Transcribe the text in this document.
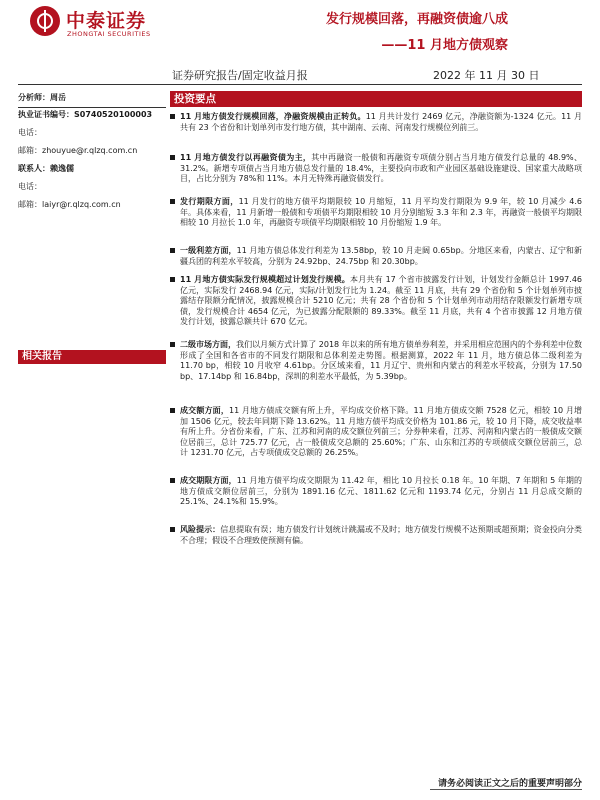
中泰证券
ZHONGTAI SECURITIES
发行规模回落，再融资债逾八成
——11 月地方债观察
证券研究报告/固定收益月报	2022 年 11 月 30 日
分析师：周岳
执业证书编号：S0740520100003
电话：
邮箱：zhouyue@r.qlzq.com.cn
联系人：赖逸儒
电话：
邮箱：laiyr@r.qlzq.com.cn
相关报告
投资要点
11 月地方债发行规模回落，净融资规模由正转负。11 月共计发行 2469 亿元，净融资额为-1324 亿元。11 月共有 23 个省份和计划单列市发行地方债，其中湖南、云南、河南发行规模位列前三。
11 月地方债发行以再融资债为主，其中再融资一般债和再融资专项债分别占当月地方债发行总量的 48.9%、31.2%。新增专项债占当月地方债总发行量的 18.4%，主要投向市政和产业园区基础设施建设、国家重大战略项目，占比分别为 78%和 11%。本月无特殊再融资债发行。
发行期限方面，11 月发行的地方债平均期限较 10 月缩短，11 月平均发行期限为 9.9 年，较 10 月减少 4.6 年。具体来看，11 月新增一般债和专项债平均期限相较 10 月分别缩短 3.3 年和 2.3 年，再融资一般债平均期限相较 10 月拉长 1.0 年，再融资专项债平均期限相较 10 月份缩短 1.9 年。
一级利差方面，11 月地方债总体发行利差为 13.58bp，较 10 月走阔 0.65bp。分地区来看，内蒙古、辽宁和新疆兵团的利差水平较高，分别为 24.92bp、24.75bp 和 20.30bp。
11 月地方债实际发行规模超过计划发行规模。本月共有 17 个省市披露发行计划，计划发行金额总计 1997.46 亿元，实际发行 2468.94 亿元，实际/计划发行比为 1.24。截至 11 月底，共有 29 个省份和 5 个计划单列市披露结存限额分配情况，披露规模合计 5210 亿元；共有 28 个省份和 5 个计划单列市动用结存限额发行新增专项债，发行规模合计 4654 亿元，为已披露分配限额的 89.33%。截至 11 月底，共有 4 个省市披露 12 月地方债发行计划，披露总额共计 670 亿元。
二级市场方面，我们以月频方式计算了 2018 年以来的所有地方债单券利差，并采用相应范围内的个券利差中位数形成了全国和各省市的不同发行期限和总体利差走势图。根据测算，2022 年 11 月，地方债总体二级利差为 11.70 bp，相较 10 月收窄 4.61bp。分区域来看，11 月辽宁、贵州和内蒙古的利差水平较高，分别为 17.50 bp、17.14bp 和 16.84bp，深圳的利差水平最低，为 5.39bp。
成交额方面，11 月地方债成交额有所上升，平均成交价格下降。11 月地方债成交额 7528 亿元，相较 10 月增加 1506 亿元，较去年同期下降 13.62%。11 月地方债平均成交价格为 101.86 元，较 10 月下降，成交收益率有所上升。分省份来看，广东、江苏和河南的成交额位列前三；分券种来看，江苏、河南和内蒙古的一般债成交额位居前三，总计 725.77 亿元，占一般债成交总额的 25.60%；广东、山东和江苏的专项债成交额位居前三，总计 1231.70 亿元，占专项债成交总额的 26.25%。
成交期限方面，11 月地方债平均成交期限为 11.42 年，相比 10 月拉长 0.18 年。10 年期、7 年期和 5 年期的地方债成交额位居前三，分别为 1891.16 亿元、1811.62 亿元和 1193.74 亿元，分别占 11 月总成交额的 25.1%、24.1%和 15.9%。
风险提示：信息提取有误；地方债发行计划统计跳漏或不及时；地方债发行规模不达预期或超预期；资金投向分类不合理；假设不合理致使预测有偏。
请务必阅读正文之后的重要声明部分
